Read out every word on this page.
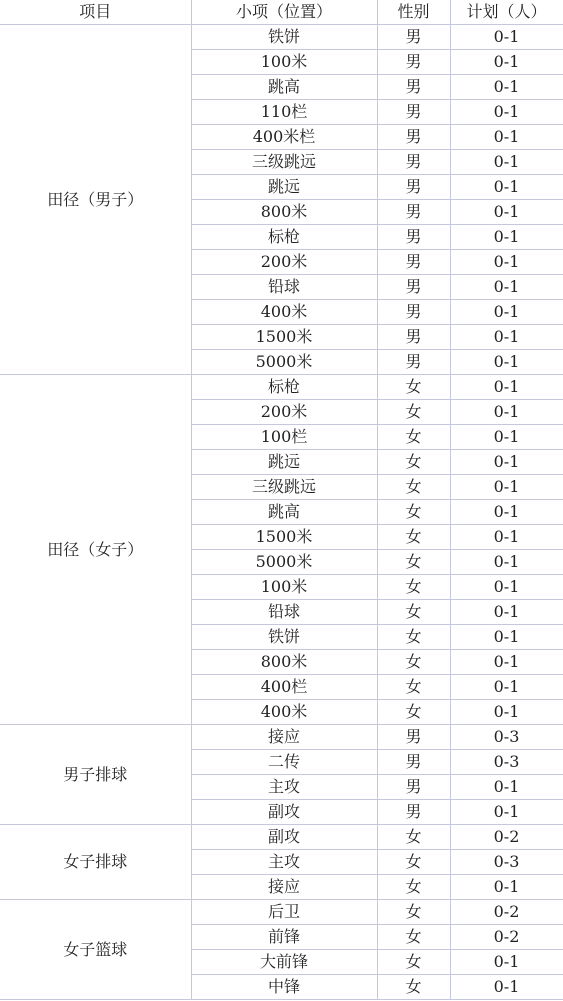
项目	小项（位置）	性别	计划（人）
田径（男子）	铁饼	男	0-1
	100米	男	0-1
	跳高	男	0-1
	110栏	男	0-1
	400米栏	男	0-1
	三级跳远	男	0-1
	跳远	男	0-1
	800米	男	0-1
	标枪	男	0-1
	200米	男	0-1
	铅球	男	0-1
	400米	男	0-1
	1500米	男	0-1
	5000米	男	0-1
田径（女子）	标枪	女	0-1
	200米	女	0-1
	100栏	女	0-1
	跳远	女	0-1
	三级跳远	女	0-1
	跳高	女	0-1
	1500米	女	0-1
	5000米	女	0-1
	100米	女	0-1
	铅球	女	0-1
	铁饼	女	0-1
	800米	女	0-1
	400栏	女	0-1
	400米	女	0-1
男子排球	接应	男	0-3
	二传	男	0-3
	主攻	男	0-1
	副攻	男	0-1
女子排球	副攻	女	0-2
	主攻	女	0-3
	接应	女	0-1
女子篮球	后卫	女	0-2
	前锋	女	0-2
	大前锋	女	0-1
	中锋	女	0-1
